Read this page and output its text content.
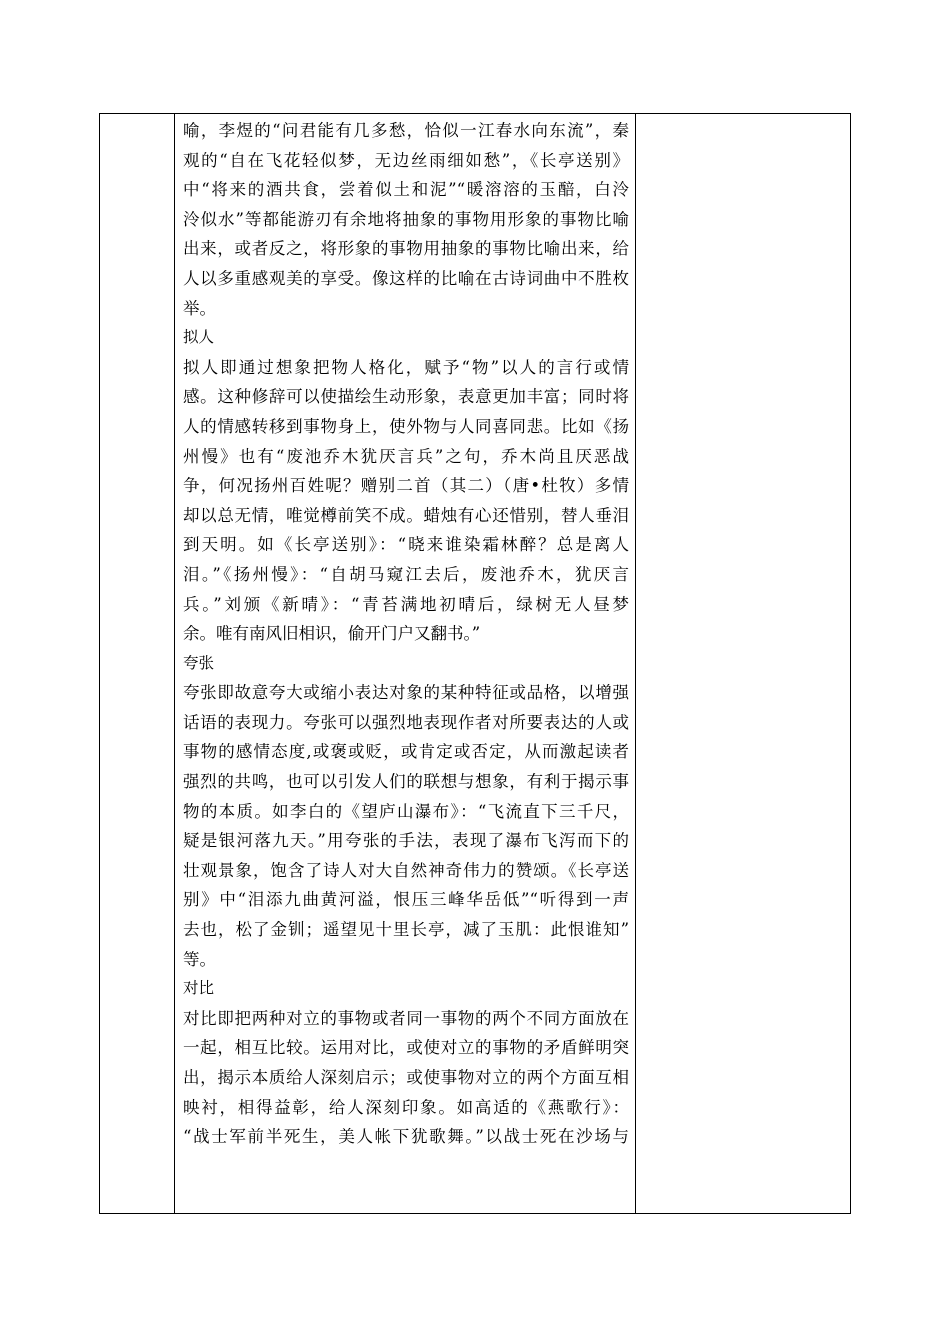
喻，李煜的“问君能有几多愁，恰似一江春水向东流”，秦
观的“自在飞花轻似梦，无边丝雨细如愁”，《长亭送别》
中“将来的酒共食，尝着似土和泥”“暖溶溶的玉醅，白泠
泠似水”等都能游刃有余地将抽象的事物用形象的事物比喻
出来，或者反之，将形象的事物用抽象的事物比喻出来，给
人以多重感观美的享受。像这样的比喻在古诗词曲中不胜枚
举。
拟人
拟人即通过想象把物人格化，赋予“物”以人的言行或情
感。这种修辞可以使描绘生动形象，表意更加丰富；同时将
人的情感转移到事物身上，使外物与人同喜同悲。比如《扬
州慢》也有“废池乔木犹厌言兵”之句，乔木尚且厌恶战
争，何况扬州百姓呢？赠别二首（其二）（唐•杜牧）多情
却以总无情，唯觉樽前笑不成。蜡烛有心还惜别，替人垂泪
到天明。如《长亭送别》：“晓来谁染霜林醉？总是离人
泪。”《扬州慢》：“自胡马窥江去后，废池乔木，犹厌言
兵。”刘颁《新晴》：“青苔满地初晴后，绿树无人昼梦
余。唯有南风旧相识，偷开门户又翻书。”
夸张
夸张即故意夸大或缩小表达对象的某种特征或品格，以增强
话语的表现力。夸张可以强烈地表现作者对所要表达的人或
事物的感情态度,或褒或贬，或肯定或否定，从而激起读者
强烈的共鸣，也可以引发人们的联想与想象，有利于揭示事
物的本质。如李白的《望庐山瀑布》：“飞流直下三千尺，
疑是银河落九天。”用夸张的手法，表现了瀑布飞泻而下的
壮观景象，饱含了诗人对大自然神奇伟力的赞颂。《长亭送
别》中“泪添九曲黄河溢，恨压三峰华岳低”“听得到一声
去也，松了金钏；遥望见十里长亭，减了玉肌：此恨谁知”
等。
对比
对比即把两种对立的事物或者同一事物的两个不同方面放在
一起，相互比较。运用对比，或使对立的事物的矛盾鲜明突
出，揭示本质给人深刻启示；或使事物对立的两个方面互相
映衬，相得益彰，给人深刻印象。如高适的《燕歌行》：
“战士军前半死生，美人帐下犹歌舞。”以战士死在沙场与
